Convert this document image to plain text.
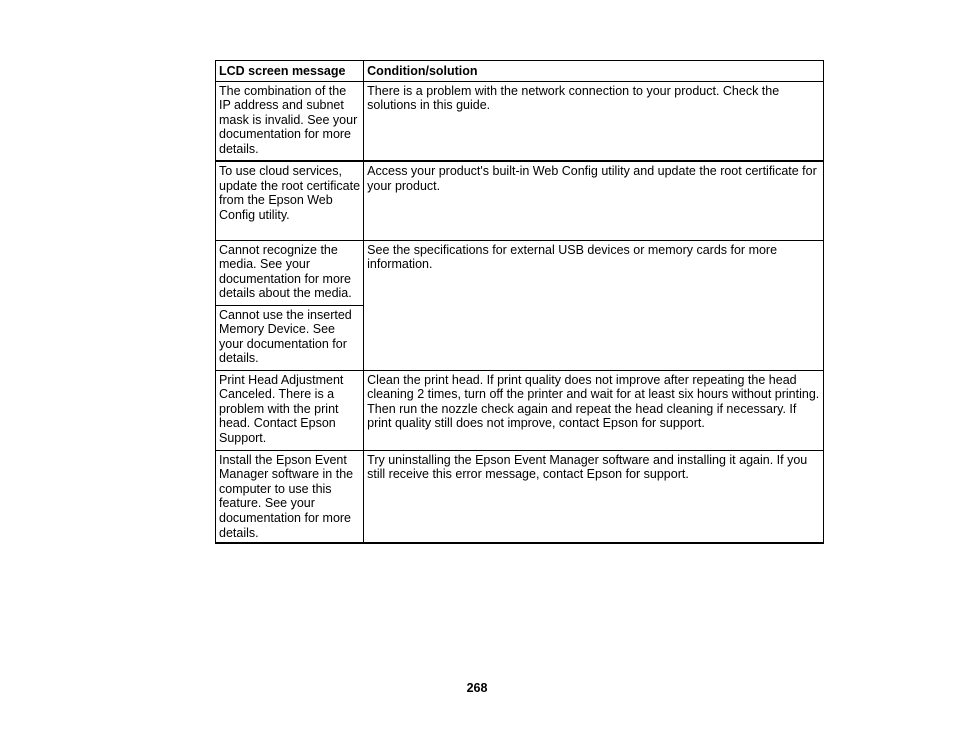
LCD screen message	Condition/solution
The combination of the IP address and subnet mask is invalid. See your documentation for more details.	There is a problem with the network connection to your product. Check the solutions in this guide.
To use cloud services, update the root certificate from the Epson Web Config utility.	Access your product's built-in Web Config utility and update the root certificate for your product.
Cannot recognize the media. See your documentation for more details about the media.	See the specifications for external USB devices or memory cards for more information.
Cannot use the inserted Memory Device. See your documentation for details.	
Print Head Adjustment Canceled. There is a problem with the print head. Contact Epson Support.	Clean the print head. If print quality does not improve after repeating the head cleaning 2 times, turn off the printer and wait for at least six hours without printing. Then run the nozzle check again and repeat the head cleaning if necessary. If print quality still does not improve, contact Epson for support.
Install the Epson Event Manager software in the computer to use this feature. See your documentation for more details.	Try uninstalling the Epson Event Manager software and installing it again. If you still receive this error message, contact Epson for support.
268
